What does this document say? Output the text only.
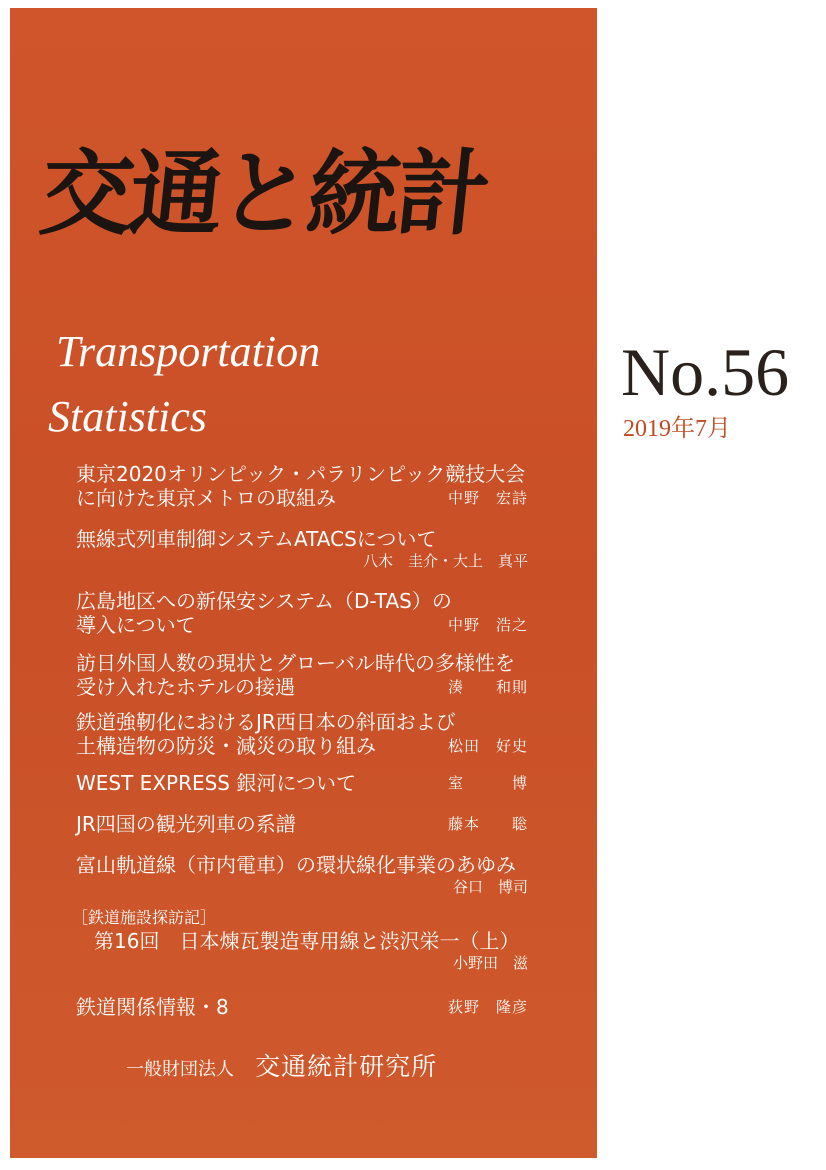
交通と統計
Transportation
Statistics
No.56
2019年7月
東京2020オリンピック・パラリンピック競技大会
に向けた東京メトロの取組み	中野　宏詩
無線式列車制御システムATACSについて
八木　圭介・大上　真平
広島地区への新保安システム（D-TAS）の
導入について	中野　浩之
訪日外国人数の現状とグローバル時代の多様性を
受け入れたホテルの接遇	湊　　和則
鉄道強靭化におけるJR西日本の斜面および
土構造物の防災・減災の取り組み	松田　好史
WEST EXPRESS 銀河について	室　　　博
JR四国の観光列車の系譜	藤本　　聡
富山軌道線（市内電車）の環状線化事業のあゆみ
谷口　博司
［鉄道施設探訪記］
第16回　日本煉瓦製造専用線と渋沢栄一（上）
小野田　滋
鉄道関係情報・8	荻野　隆彦
一般財団法人 交通統計研究所
